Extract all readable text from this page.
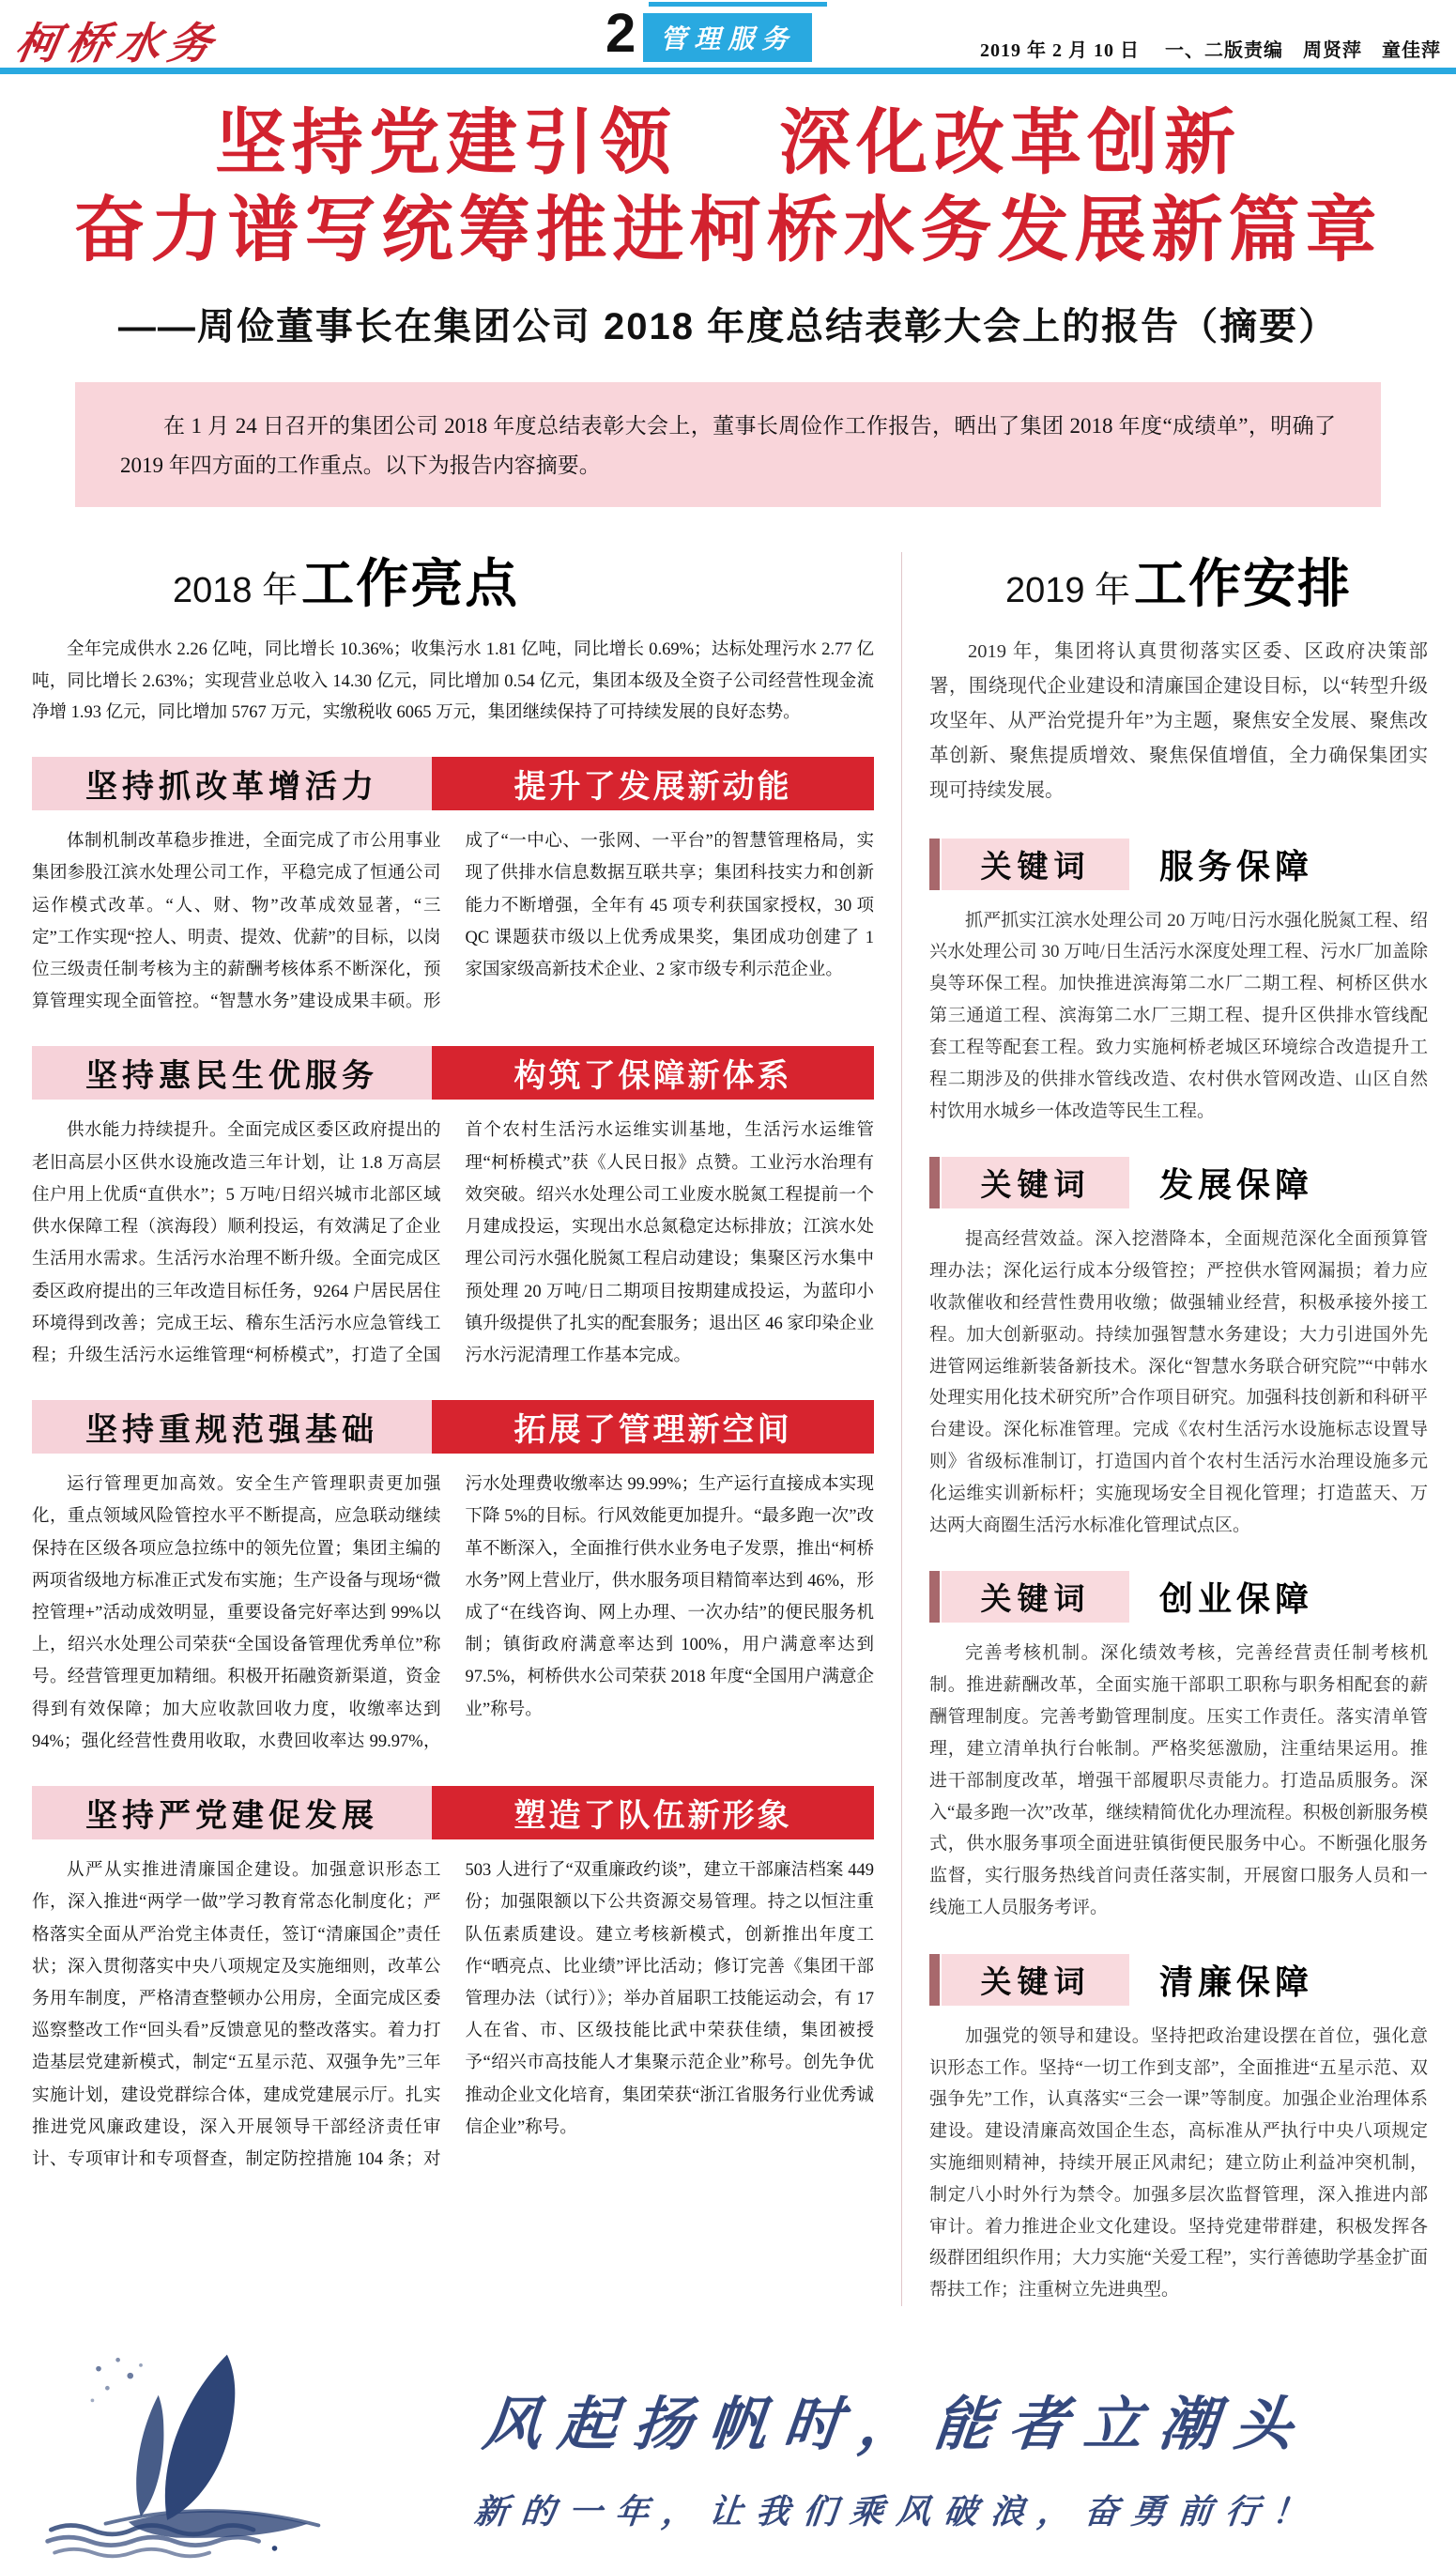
柯桥水务	2 管理服务	2019 年 2 月 10 日　 一、二版责编　周贤萍　童佳萍
坚持党建引领　 深化改革创新
奋力谱写统筹推进柯桥水务发展新篇章
——周俭董事长在集团公司 2018 年度总结表彰大会上的报告（摘要）
在 1 月 24 日召开的集团公司 2018 年度总结表彰大会上，董事长周俭作工作报告，晒出了集团 2018 年度“成绩单”，明确了 2019 年四方面的工作重点。以下为报告内容摘要。
2018 年 工作亮点

全年完成供水 2.26 亿吨，同比增长 10.36%；收集污水 1.81 亿吨，同比增长 0.69%；达标处理污水 2.77 亿吨，同比增长 2.63%；实现营业总收入 14.30 亿元，同比增加 0.54 亿元，集团本级及全资子公司经营性现金流净增 1.93 亿元，同比增加 5767 万元，实缴税收 6065 万元，集团继续保持了可持续发展的良好态势。

坚持抓改革增活力	提升了发展新动能
体制机制改革稳步推进，全面完成了市公用事业集团参股江滨水处理公司工作，平稳完成了恒通公司运作模式改革。“人、财、物”改革成效显著，“三定”工作实现“控人、明责、提效、优薪”的目标，以岗位三级责任制考核为主的薪酬考核体系不断深化，预算管理实现全面管控。“智慧水务”建设成果丰硕。形成了“一中心、一张网、一平台”的智慧管理格局，实现了供排水信息数据互联共享；集团科技实力和创新能力不断增强，全年有 45 项专利获国家授权，30 项 QC 课题获市级以上优秀成果奖，集团成功创建了 1 家国家级高新技术企业、2 家市级专利示范企业。
坚持惠民生优服务	构筑了保障新体系
供水能力持续提升。全面完成区委区政府提出的老旧高层小区供水设施改造三年计划，让 1.8 万高层住户用上优质“直供水”；5 万吨/日绍兴城市北部区域供水保障工程（滨海段）顺利投运，有效满足了企业生活用水需求。生活污水治理不断升级。全面完成区委区政府提出的三年改造目标任务，9264 户居民居住环境得到改善；完成王坛、稽东生活污水应急管线工程；升级生活污水运维管理“柯桥模式”，打造了全国首个农村生活污水运维实训基地，生活污水运维管理“柯桥模式”获《人民日报》点赞。工业污水治理有效突破。绍兴水处理公司工业废水脱氮工程提前一个月建成投运，实现出水总氮稳定达标排放；江滨水处理公司污水强化脱氮工程启动建设；集聚区污水集中预处理 20 万吨/日二期项目按期建成投运，为蓝印小镇升级提供了扎实的配套服务；退出区 46 家印染企业污水污泥清理工作基本完成。
坚持重规范强基础	拓展了管理新空间
运行管理更加高效。安全生产管理职责更加强化，重点领域风险管控水平不断提高，应急联动继续保持在区级各项应急拉练中的领先位置；集团主编的两项省级地方标准正式发布实施；生产设备与现场“微控管理+”活动成效明显，重要设备完好率达到 99%以上，绍兴水处理公司荣获“全国设备管理优秀单位”称号。经营管理更加精细。积极开拓融资新渠道，资金得到有效保障；加大应收款回收力度，收缴率达到 94%；强化经营性费用收取，水费回收率达 99.97%，污水处理费收缴率达 99.99%；生产运行直接成本实现下降 5%的目标。行风效能更加提升。“最多跑一次”改革不断深入，全面推行供水业务电子发票，推出“柯桥水务”网上营业厅，供水服务项目精简率达到 46%，形成了“在线咨询、网上办理、一次办结”的便民服务机制；镇街政府满意率达到 100%，用户满意率达到 97.5%，柯桥供水公司荣获 2018 年度“全国用户满意企业”称号。
坚持严党建促发展	塑造了队伍新形象
从严从实推进清廉国企建设。加强意识形态工作，深入推进“两学一做”学习教育常态化制度化；严格落实全面从严治党主体责任，签订“清廉国企”责任状；深入贯彻落实中央八项规定及实施细则，改革公务用车制度，严格清查整顿办公用房，全面完成区委巡察整改工作“回头看”反馈意见的整改落实。着力打造基层党建新模式，制定“五星示范、双强争先”三年实施计划，建设党群综合体，建成党建展示厅。扎实推进党风廉政建设，深入开展领导干部经济责任审计、专项审计和专项督查，制定防控措施 104 条；对 503 人进行了“双重廉政约谈”，建立干部廉洁档案 449 份；加强限额以下公共资源交易管理。持之以恒注重队伍素质建设。建立考核新模式，创新推出年度工作“晒亮点、比业绩”评比活动；修订完善《集团干部管理办法（试行）》；举办首届职工技能运动会，有 17 人在省、市、区级技能比武中荣获佳绩，集团被授予“绍兴市高技能人才集聚示范企业”称号。创先争优推动企业文化培育，集团荣获“浙江省服务行业优秀诚信企业”称号。
2019 年 工作安排

2019 年，集团将认真贯彻落实区委、区政府决策部署，围绕现代企业建设和清廉国企建设目标，以“转型升级攻坚年、从严治党提升年”为主题，聚焦安全发展、聚焦改革创新、聚焦提质增效、聚焦保值增值，全力确保集团实现可持续发展。

关键词	服务保障

抓严抓实江滨水处理公司 20 万吨/日污水强化脱氮工程、绍兴水处理公司 30 万吨/日生活污水深度处理工程、污水厂加盖除臭等环保工程。加快推进滨海第二水厂二期工程、柯桥区供水第三通道工程、滨海第二水厂三期工程、提升区供排水管线配套工程等配套工程。致力实施柯桥老城区环境综合改造提升工程二期涉及的供排水管线改造、农村供水管网改造、山区自然村饮用水城乡一体改造等民生工程。

关键词	发展保障

提高经营效益。深入挖潜降本，全面规范深化全面预算管理办法；深化运行成本分级管控；严控供水管网漏损；着力应收款催收和经营性费用收缴；做强辅业经营，积极承接外接工程。加大创新驱动。持续加强智慧水务建设；大力引进国外先进管网运维新装备新技术。深化“智慧水务联合研究院”“中韩水处理实用化技术研究所”合作项目研究。加强科技创新和科研平台建设。深化标准管理。完成《农村生活污水设施标志设置导则》省级标准制订，打造国内首个农村生活污水治理设施多元化运维实训新标杆；实施现场安全目视化管理；打造蓝天、万达两大商圈生活污水标准化管理试点区。

关键词	创业保障

完善考核机制。深化绩效考核，完善经营责任制考核机制。推进薪酬改革，全面实施干部职工职称与职务相配套的薪酬管理制度。完善考勤管理制度。压实工作责任。落实清单管理，建立清单执行台帐制。严格奖惩激励，注重结果运用。推进干部制度改革，增强干部履职尽责能力。打造品质服务。深入“最多跑一次”改革，继续精简优化办理流程。积极创新服务模式，供水服务事项全面进驻镇街便民服务中心。不断强化服务监督，实行服务热线首问责任落实制，开展窗口服务人员和一线施工人员服务考评。

关键词	清廉保障

加强党的领导和建设。坚持把政治建设摆在首位，强化意识形态工作。坚持“一切工作到支部”，全面推进“五星示范、双强争先”工作，认真落实“三会一课”等制度。加强企业治理体系建设。建设清廉高效国企生态，高标准从严执行中央八项规定实施细则精神，持续开展正风肃纪；建立防止利益冲突机制，制定八小时外行为禁令。加强多层次监督管理，深入推进内部审计。着力推进企业文化建设。坚持党建带群建，积极发挥各级群团组织作用；大力实施“关爱工程”，实行善德助学基金扩面帮扶工作；注重树立先进典型。

风起扬帆时，能者立潮头
新的一年，让我们乘风破浪，奋勇前行！
